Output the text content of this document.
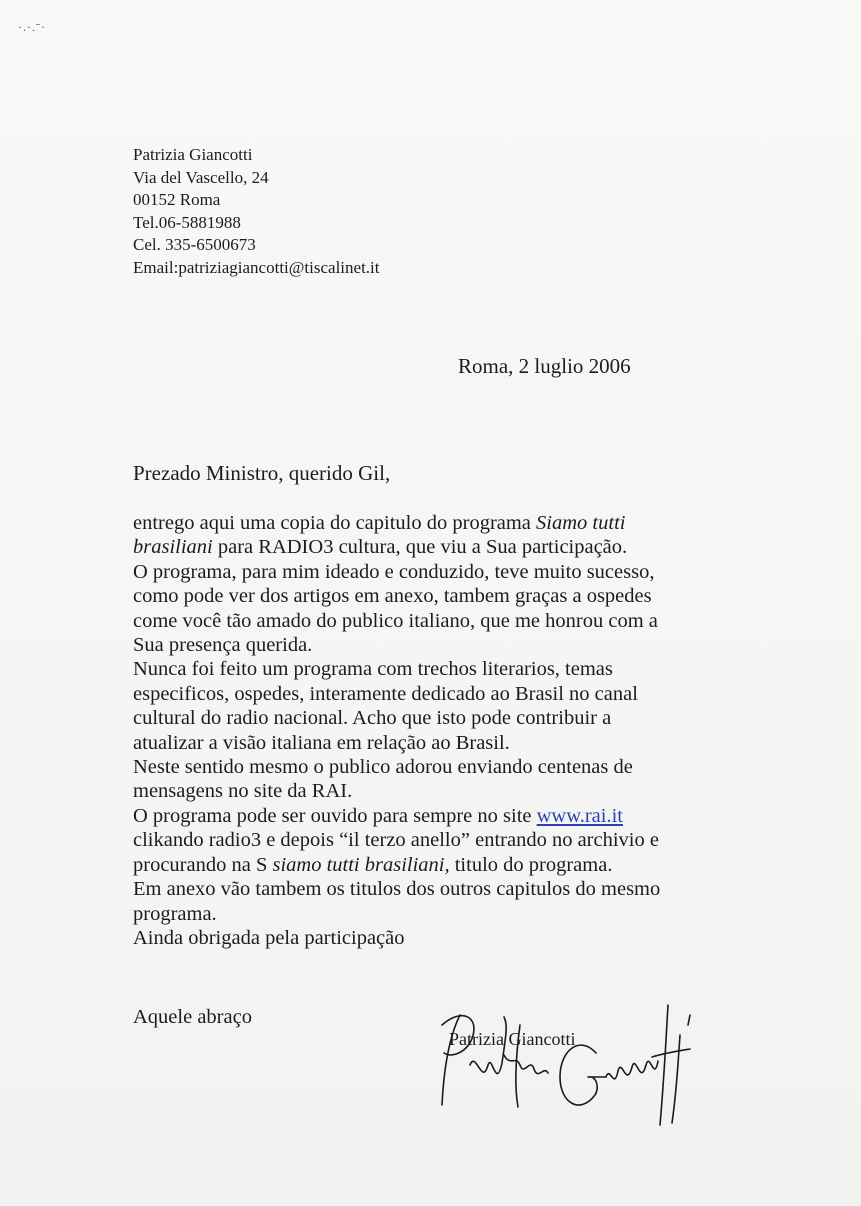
·.·.ˉ·
Patrizia Giancotti
Via del Vascello, 24
00152 Roma
Tel.06-5881988
Cel. 335-6500673
Email:patriziagiancotti@tiscalinet.it
Roma, 2 luglio 2006
Prezado Ministro, querido Gil,
entrego aqui uma copia do capitulo do programa Siamo tutti
brasiliani para RADIO3 cultura, que viu a Sua participação.
O programa, para mim ideado e conduzido, teve muito sucesso,
como pode ver dos artigos em anexo, tambem graças a ospedes
come você tão amado do publico italiano, que me honrou com a
Sua presença querida.
Nunca foi feito um programa com trechos literarios, temas
especificos, ospedes, interamente dedicado ao Brasil no canal
cultural do radio nacional. Acho que isto pode contribuir a
atualizar a visão italiana em relação ao Brasil.
Neste sentido mesmo o publico adorou enviando centenas de
mensagens no site da RAI.
O programa pode ser ouvido para sempre no site www.rai.it
clikando radio3 e depois “il terzo anello” entrando no archivio e
procurando na S siamo tutti brasiliani, titulo do programa.
Em anexo vão tambem os titulos dos outros capitulos do mesmo
programa.
Ainda obrigada pela participação
Aquele abraço
Patrizia Giancotti
